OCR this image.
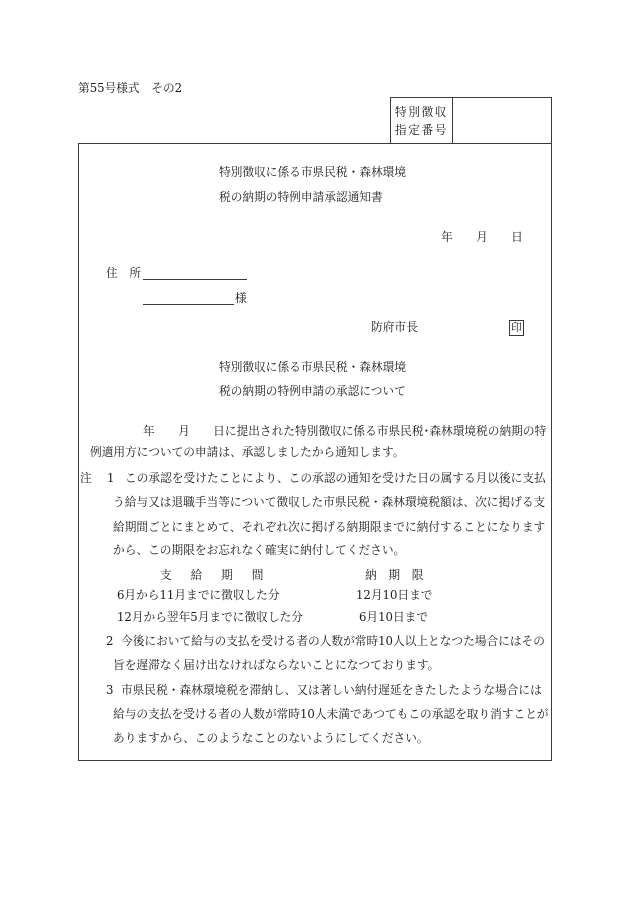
第55号様式　その2
特別徴収
指定番号
特別徴収に係る市県民税・森林環境
税の納期の特例申請承認通知書
年　　月　　日
住　所
様
防府市長	印
特別徴収に係る市県民税・森林環境
税の納期の特例申請の承認について
年　　月　　日に提出された特別徴収に係る市県民税･森林環境税の納期の特
例適用方についての申請は、承認しましたから通知します。
注 1 この承認を受けたことにより、この承認の通知を受けた日の属する月以後に支払
う給与又は退職手当等について徴収した市県民税・森林環境税額は、次に掲げる支
給期間ごとにまとめて、それぞれ次に掲げる納期限までに納付することになります
から、この期限をお忘れなく確実に納付してください。
支　給　期　間	納　期　限
6月から11月までに徴収した分	12月10日まで
12月から翌年5月までに徴収した分	6月10日まで
2 今後において給与の支払を受ける者の人数が常時10人以上となつた場合にはその
旨を遅滞なく届け出なければならないことになつております。
3 市県民税・森林環境税を滞納し、又は著しい納付遅延をきたしたような場合には
給与の支払を受ける者の人数が常時10人未満であつてもこの承認を取り消すことが
ありますから、このようなことのないようにしてください。
